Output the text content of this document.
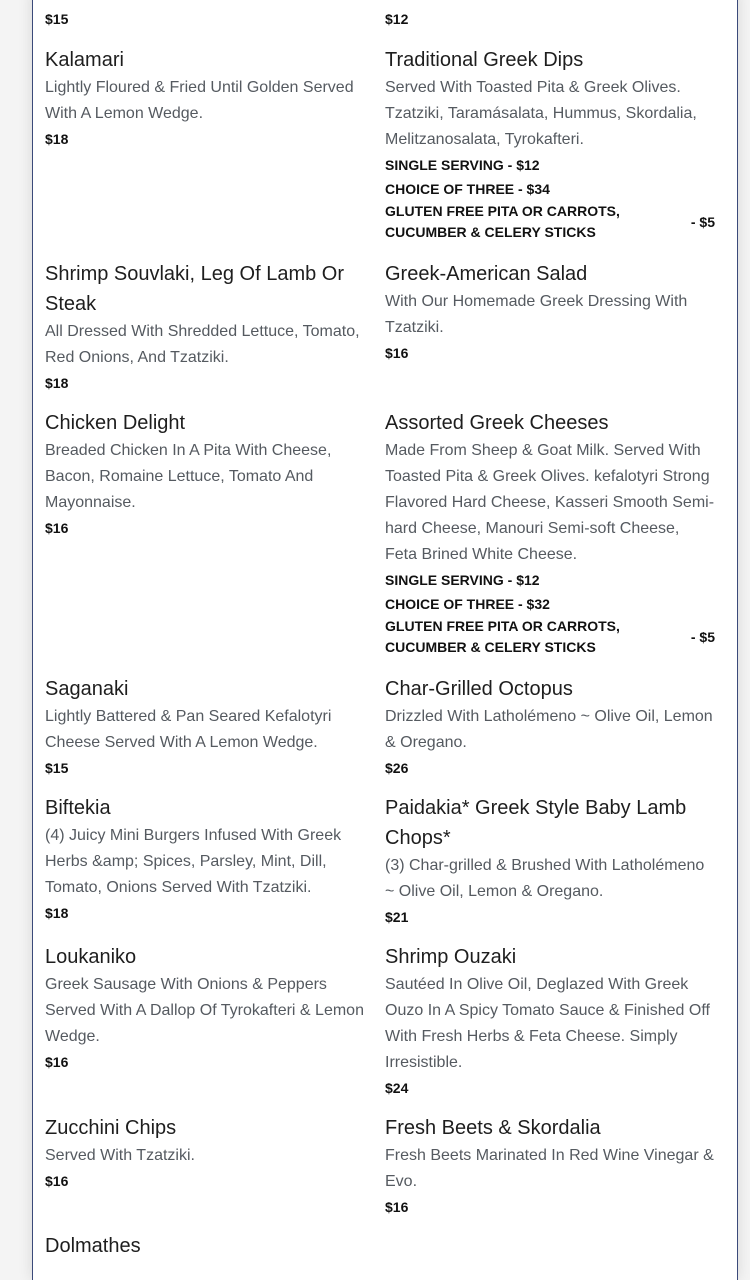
$15	$12
Kalamari
Lightly Floured & Fried Until Golden Served With A Lemon Wedge.
$18
Traditional Greek Dips
Served With Toasted Pita & Greek Olives. Tzatziki, Taramásalata, Hummus, Skordalia, Melitzanosalata, Tyrokafteri.
SINGLE SERVING - $12
CHOICE OF THREE - $34
GLUTEN FREE PITA OR CARROTS, CUCUMBER & CELERY STICKS
- $5
Shrimp Souvlaki, Leg Of Lamb Or Steak
All Dressed With Shredded Lettuce, Tomato, Red Onions, And Tzatziki.
$18
Greek-American Salad
With Our Homemade Greek Dressing With Tzatziki.
$16
Chicken Delight
Breaded Chicken In A Pita With Cheese, Bacon, Romaine Lettuce, Tomato And Mayonnaise.
$16
Assorted Greek Cheeses
Made From Sheep & Goat Milk. Served With Toasted Pita & Greek Olives. kefalotyri Strong Flavored Hard Cheese, Kasseri Smooth Semi-hard Cheese, Manouri Semi-soft Cheese, Feta Brined White Cheese.
SINGLE SERVING - $12
CHOICE OF THREE - $32
GLUTEN FREE PITA OR CARROTS, CUCUMBER & CELERY STICKS
- $5
Saganaki
Lightly Battered & Pan Seared Kefalotyri Cheese Served With A Lemon Wedge.
$15
Char-Grilled Octopus
Drizzled With Latholémeno ~ Olive Oil, Lemon & Oregano.
$26
Biftekia
(4) Juicy Mini Burgers Infused With Greek Herbs &amp; Spices, Parsley, Mint, Dill, Tomato, Onions Served With Tzatziki.
$18
Paidakia* Greek Style Baby Lamb Chops*
(3) Char-grilled & Brushed With Latholémeno ~ Olive Oil, Lemon & Oregano.
$21
Loukaniko
Greek Sausage With Onions & Peppers Served With A Dallop Of Tyrokafteri & Lemon Wedge.
$16
Shrimp Ouzaki
Sautéed In Olive Oil, Deglazed With Greek Ouzo In A Spicy Tomato Sauce & Finished Off With Fresh Herbs & Feta Cheese. Simply Irresistible.
$24
Zucchini Chips
Served With Tzatziki.
$16
Fresh Beets & Skordalia
Fresh Beets Marinated In Red Wine Vinegar & Evo.
$16
Dolmathes
